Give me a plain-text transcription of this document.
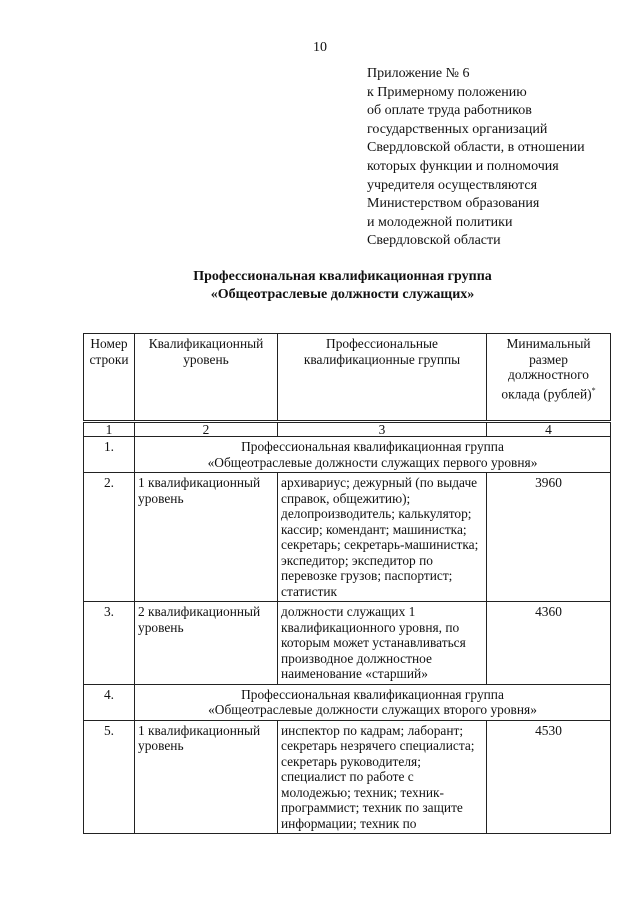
10
Приложение № 6
к Примерному положению
об оплате труда работников
государственных организаций
Свердловской области, в отношении
которых функции и полномочия
учредителя осуществляются
Министерством образования
и молодежной политики
Свердловской области
Профессиональная квалификационная группа
«Общеотраслевые должности служащих»
Номер строки	Квалификационный уровень	Профессиональные квалификационные группы	Минимальный размер должностного оклада (рублей)*
1	2	3	4
1.	Профессиональная квалификационная группа
«Общеотраслевые должности служащих первого уровня»		

2.	1 квалификационный уровень	архивариус; дежурный (по выдаче справок, общежитию); делопроизводитель; калькулятор; кассир; комендант; машинистка; секретарь; секретарь-машинистка; экспедитор; экспедитор по перевозке грузов; паспортист; статистик	3960
3.	2 квалификационный уровень	должности служащих 1 квалификационного уровня, по которым может устанавливаться производное должностное наименование «старший»	4360
4.	Профессиональная квалификационная группа
«Общеотраслевые должности служащих второго уровня»		

5.	1 квалификационный уровень	инспектор по кадрам; лаборант; секретарь незрячего специалиста; секретарь руководителя; специалист по работе с молодежью; техник; техник-программист; техник по защите информации; техник по	4530
